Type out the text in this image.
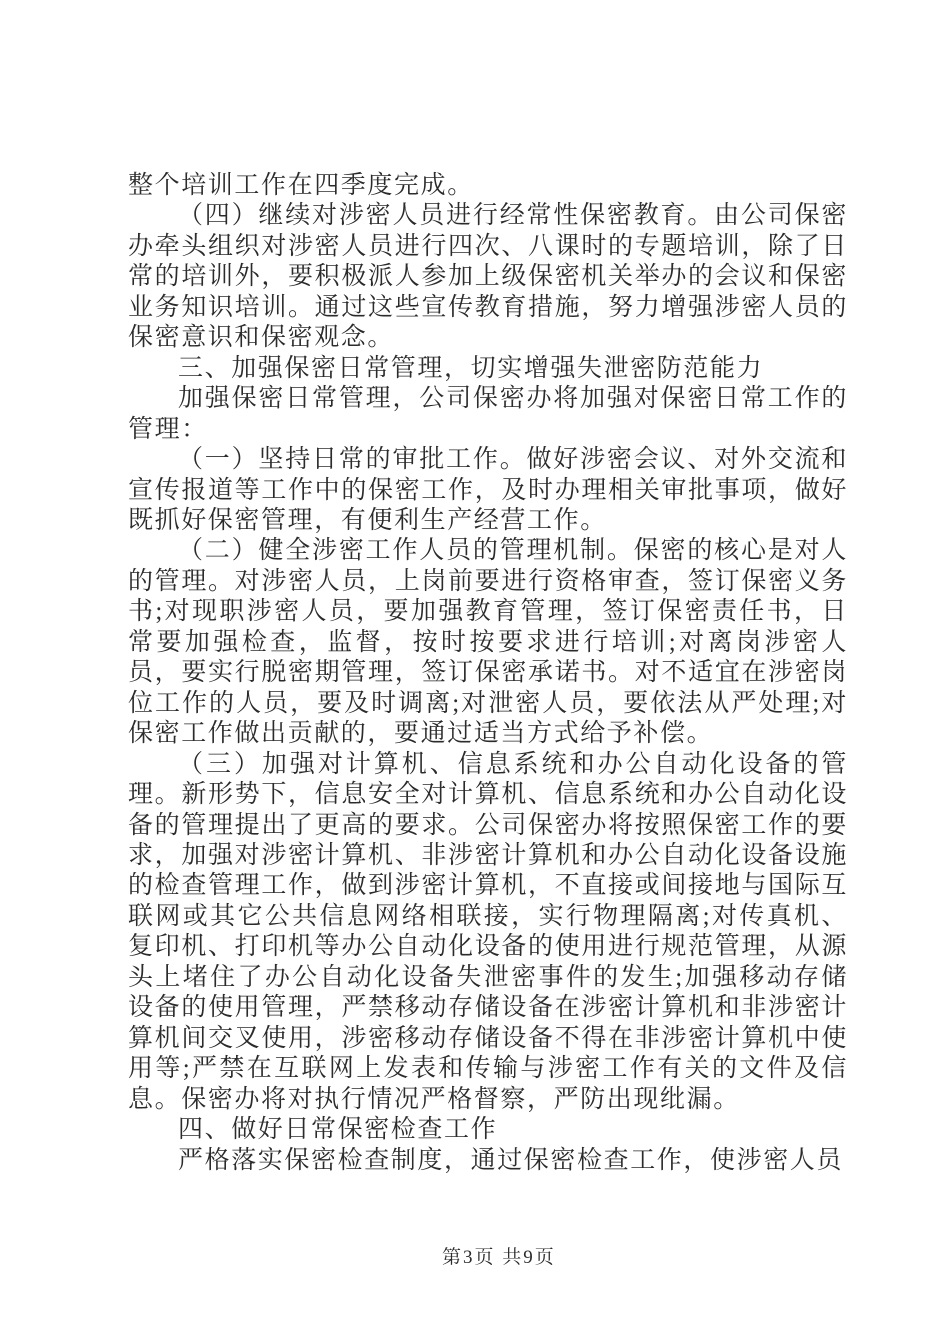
整个培训工作在四季度完成。

（四）继续对涉密人员进行经常性保密教育。由公司保密办牵头组织对涉密人员进行四次、八课时的专题培训，除了日常的培训外，要积极派人参加上级保密机关举办的会议和保密业务知识培训。通过这些宣传教育措施，努力增强涉密人员的保密意识和保密观念。

三、加强保密日常管理，切实增强失泄密防范能力

加强保密日常管理，公司保密办将加强对保密日常工作的管理：

（一）坚持日常的审批工作。做好涉密会议、对外交流和宣传报道等工作中的保密工作，及时办理相关审批事项，做好既抓好保密管理，有便利生产经营工作。

（二）健全涉密工作人员的管理机制。保密的核心是对人的管理。对涉密人员，上岗前要进行资格审查，签订保密义务书;对现职涉密人员，要加强教育管理，签订保密责任书，日常要加强检查，监督，按时按要求进行培训;对离岗涉密人员，要实行脱密期管理，签订保密承诺书。对不适宜在涉密岗位工作的人员，要及时调离;对泄密人员，要依法从严处理;对保密工作做出贡献的，要通过适当方式给予补偿。

（三）加强对计算机、信息系统和办公自动化设备的管理。新形势下，信息安全对计算机、信息系统和办公自动化设备的管理提出了更高的要求。公司保密办将按照保密工作的要求，加强对涉密计算机、非涉密计算机和办公自动化设备设施的检查管理工作，做到涉密计算机，不直接或间接地与国际互联网或其它公共信息网络相联接，实行物理隔离;对传真机、复印机、打印机等办公自动化设备的使用进行规范管理，从源头上堵住了办公自动化设备失泄密事件的发生;加强移动存储设备的使用管理，严禁移动存储设备在涉密计算机和非涉密计算机间交叉使用，涉密移动存储设备不得在非涉密计算机中使用等;严禁在互联网上发表和传输与涉密工作有关的文件及信息。保密办将对执行情况严格督察，严防出现纰漏。

四、做好日常保密检查工作

严格落实保密检查制度，通过保密检查工作，使涉密人员

第3页 共9页
